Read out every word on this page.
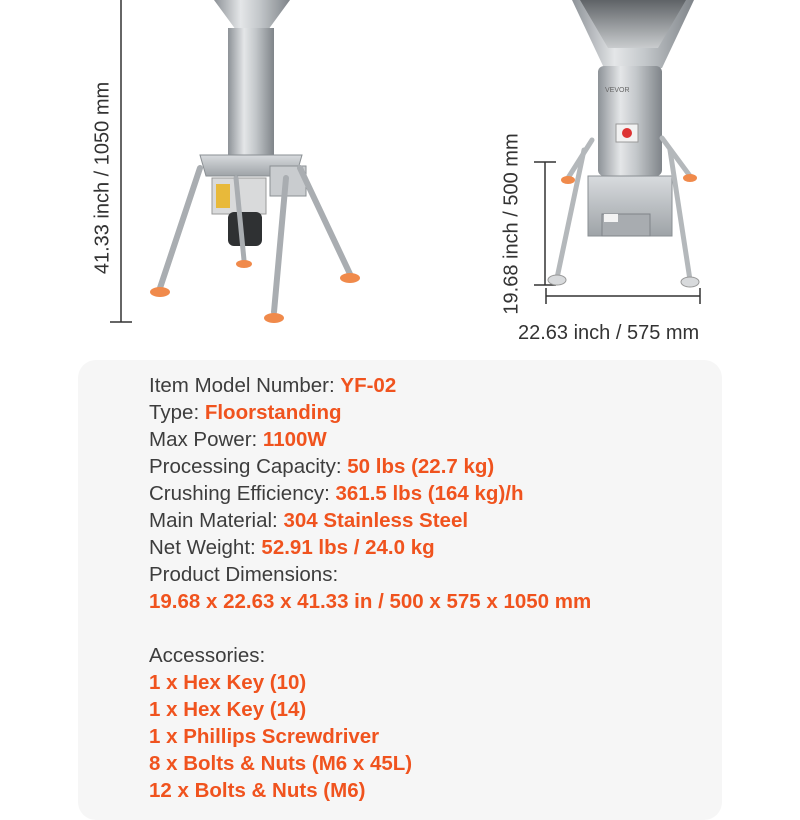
VEVOR
41.33 inch / 1050 mm	19.68 inch / 500 mm
22.63 inch / 575 mm
Item Model Number: YF-02
Type: Floorstanding
Max Power: 1100W
Processing Capacity: 50 lbs (22.7 kg)
Crushing Efficiency: 361.5 lbs (164 kg)/h
Main Material: 304 Stainless Steel
Net Weight: 52.91 lbs / 24.0 kg
Product Dimensions:
19.68 x 22.63 x 41.33 in / 500 x 575 x 1050 mm
Accessories:
1 x Hex Key (10)
1 x Hex Key (14)
1 x Phillips Screwdriver
8 x Bolts & Nuts (M6 x 45L)
12 x Bolts & Nuts (M6)
